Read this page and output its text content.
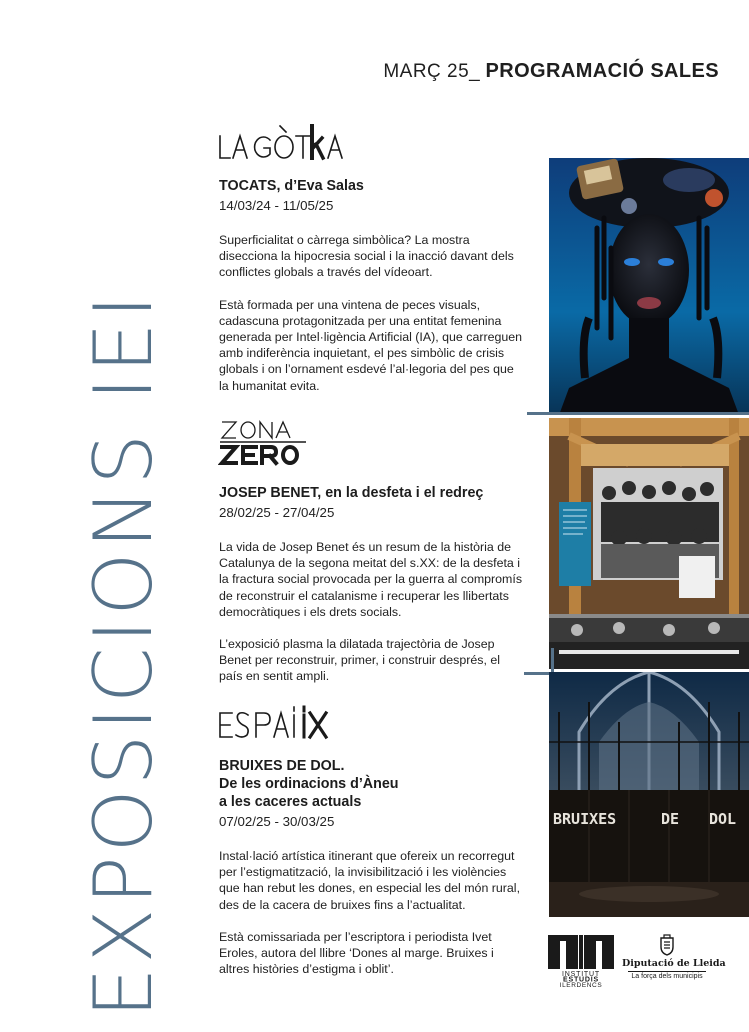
EXPOSICIONS IEI
MARÇ 25_ PROGRAMACIÓ SALES
TOCATS, d’Eva Salas
14/03/24 - 11/05/25
Superficialitat o càrrega simbòlica? La mostra disecciona la hipocresia social i la inacció davant dels conflictes globals a través del vídeoart.
Està formada per una vintena de peces visuals, cadascuna protagonitzada per una entitat femenina generada per Intel·ligència Artificial (IA), que carreguen amb indiferència inquietant, el pes simbòlic de crisis globals i on l’ornament esdevé l’al·legoria del pes que la humanitat evita.
JOSEP BENET, en la desfeta i el redreç
28/02/25 - 27/04/25
La vida de Josep Benet és un resum de la història de Catalunya de la segona meitat del s.XX: de la desfeta i la fractura social provocada per la guerra al compromís de reconstruir el catalanisme i recuperar les llibertats democràtiques i els drets socials.
L’exposició plasma la dilatada trajectòria de Josep Benet per reconstruir, primer, i construir després, el país en sentit ampli.
BRUIXES DE DOL.
De les ordinacions d’Àneu
a les caceres actuals
07/02/25 - 30/03/25
Instal·lació artística itinerant que ofereix un recorregut per l’estigmatització, la invisibilització i les violències que han rebut les dones, en especial les del món rural, des de la cacera de bruixes fins a l’actualitat.
Està comissariada per l’escriptora i periodista Ivet Eroles, autora del llibre ‘Dones al marge. Bruixes i altres històries d’estigma i oblit’.
BRUIXES	DE DOL
INSTITUT
ESTUDIS
ILERDENCS
Diputació de Lleida
La força dels municipis
